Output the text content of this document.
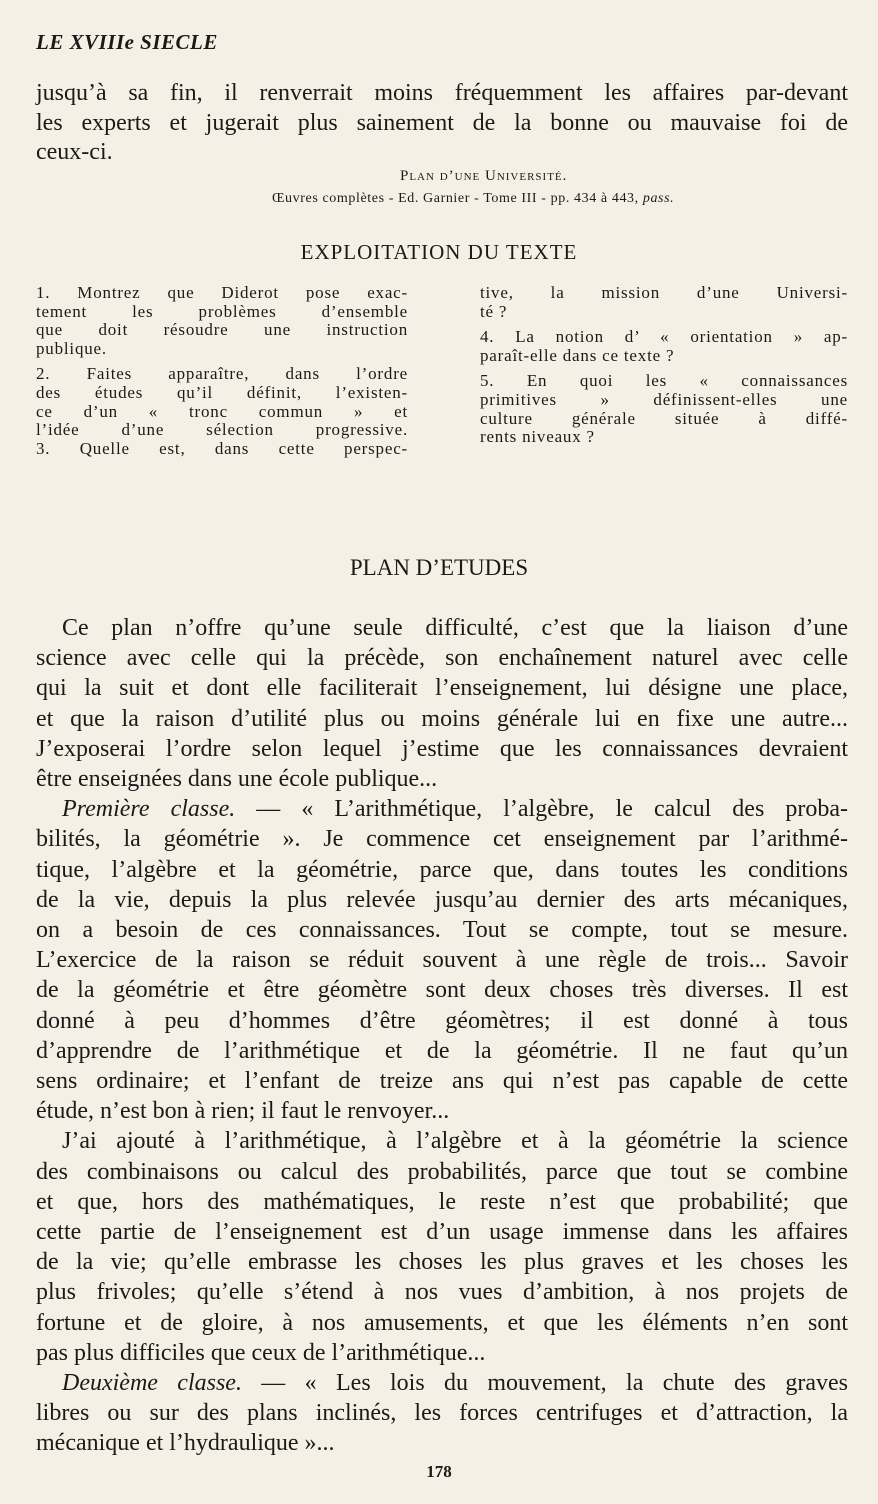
LE XVIIIe SIECLE
jusqu’à sa fin, il renverrait moins fréquemment les affaires par-devant
les experts et jugerait plus sainement de la bonne ou mauvaise foi de
ceux-ci.
Plan d’une Université.
Œuvres complètes - Ed. Garnier - Tome III - pp. 434 à 443, pass.
EXPLOITATION DU TEXTE
1. Montrez que Diderot pose exac-
tement les problèmes d’ensemble
que doit résoudre une instruction
publique.
2. Faites apparaître, dans l’ordre
des études qu’il définit, l’existen-
ce d’un « tronc commun » et
l’idée d’une sélection progressive.
3. Quelle est, dans cette perspec-
tive, la mission d’une Universi-
té ?
4. La notion d’ « orientation » ap-
paraît-elle dans ce texte ?
5. En quoi les « connaissances
primitives » définissent-elles une
culture générale située à diffé-
rents niveaux ?
PLAN D’ETUDES
Ce plan n’offre qu’une seule difficulté, c’est que la liaison d’une
science avec celle qui la précède, son enchaînement naturel avec celle
qui la suit et dont elle faciliterait l’enseignement, lui désigne une place,
et que la raison d’utilité plus ou moins générale lui en fixe une autre...
J’exposerai l’ordre selon lequel j’estime que les connaissances devraient
être enseignées dans une école publique...
Première classe. — « L’arithmétique, l’algèbre, le calcul des proba-
bilités, la géométrie ». Je commence cet enseignement par l’arithmé-
tique, l’algèbre et la géométrie, parce que, dans toutes les conditions
de la vie, depuis la plus relevée jusqu’au dernier des arts mécaniques,
on a besoin de ces connaissances. Tout se compte, tout se mesure.
L’exercice de la raison se réduit souvent à une règle de trois... Savoir
de la géométrie et être géomètre sont deux choses très diverses. Il est
donné à peu d’hommes d’être géomètres; il est donné à tous
d’apprendre de l’arithmétique et de la géométrie. Il ne faut qu’un
sens ordinaire; et l’enfant de treize ans qui n’est pas capable de cette
étude, n’est bon à rien; il faut le renvoyer...
J’ai ajouté à l’arithmétique, à l’algèbre et à la géométrie la science
des combinaisons ou calcul des probabilités, parce que tout se combine
et que, hors des mathématiques, le reste n’est que probabilité; que
cette partie de l’enseignement est d’un usage immense dans les affaires
de la vie; qu’elle embrasse les choses les plus graves et les choses les
plus frivoles; qu’elle s’étend à nos vues d’ambition, à nos projets de
fortune et de gloire, à nos amusements, et que les éléments n’en sont
pas plus difficiles que ceux de l’arithmétique...
Deuxième classe. — « Les lois du mouvement, la chute des graves
libres ou sur des plans inclinés, les forces centrifuges et d’attraction, la
mécanique et l’hydraulique »...
178
